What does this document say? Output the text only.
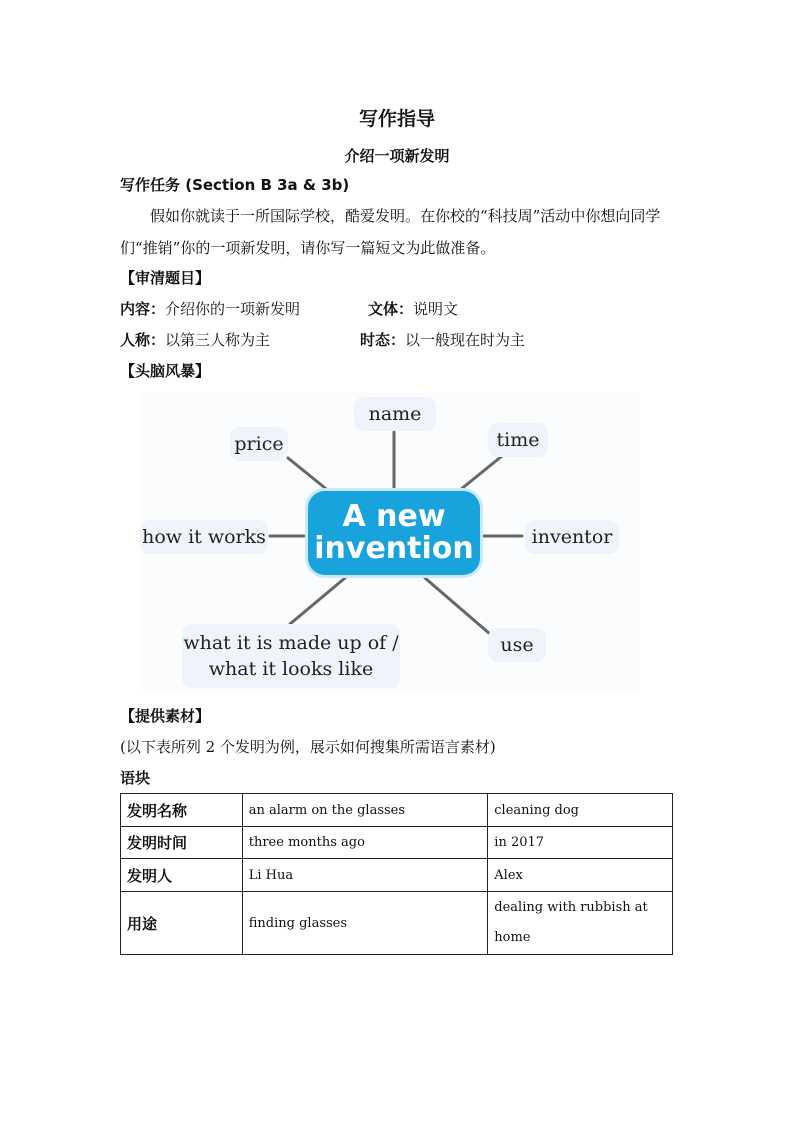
写作指导
介绍一项新发明
写作任务 (Section B 3a & 3b)
假如你就读于一所国际学校，酷爱发明。在你校的“科技周”活动中你想向同学们“推销”你的一项新发明，请你写一篇短文为此做准备。
【审清题目】
内容：介绍你的一项新发明	文体：说明文
人称：以第三人称为主	时态：以一般现在时为主
【头脑风暴】
name
time
price
how it works	inventor
use
what it is made up of /
what it looks like
A new
invention
【提供素材】
(以下表所列 2 个发明为例，展示如何搜集所需语言素材)
语块
发明名称	an alarm on the glasses	cleaning dog
发明时间	three months ago	in 2017
发明人	Li Hua	Alex
用途	finding glasses	dealing with rubbish at home
